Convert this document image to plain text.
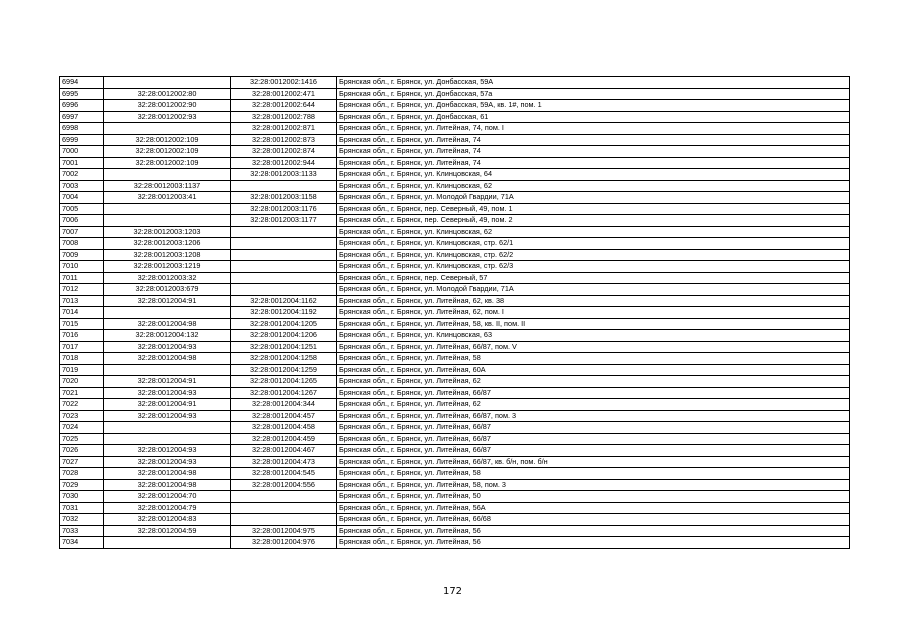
6994		32:28:0012002:1416	Брянская обл., г. Брянск, ул. Донбасская, 59А
6995	32:28:0012002:80	32:28:0012002:471	Брянская обл., г. Брянск, ул. Донбасская, 57а
6996	32:28:0012002:90	32:28:0012002:644	Брянская обл., г. Брянск, ул. Донбасская, 59А, кв. 1#, пом. 1
6997	32:28:0012002:93	32:28:0012002:788	Брянская обл., г. Брянск, ул. Донбасская, 61
6998		32:28:0012002:871	Брянская обл., г. Брянск, ул. Литейная, 74, пом. I
6999	32:28:0012002:109	32:28:0012002:873	Брянская обл., г. Брянск, ул. Литейная, 74
7000	32:28:0012002:109	32:28:0012002:874	Брянская обл., г. Брянск, ул. Литейная, 74
7001	32:28:0012002:109	32:28:0012002:944	Брянская обл., г. Брянск, ул. Литейная, 74
7002		32:28:0012003:1133	Брянская обл., г. Брянск, ул. Клинцовская, 64
7003	32:28:0012003:1137		Брянская обл., г. Брянск, ул. Клинцовская, 62
7004	32:28:0012003:41	32:28:0012003:1158	Брянская обл., г. Брянск, ул. Молодой Гвардии, 71А
7005		32:28:0012003:1176	Брянская обл., г. Брянск, пер. Северный, 49, пом. 1
7006		32:28:0012003:1177	Брянская обл., г. Брянск, пер. Северный, 49, пом. 2
7007	32:28:0012003:1203		Брянская обл., г. Брянск, ул. Клинцовская, 62
7008	32:28:0012003:1206		Брянская обл., г. Брянск, ул. Клинцовская, стр. 62/1
7009	32:28:0012003:1208		Брянская обл., г. Брянск, ул. Клинцовская, стр. 62/2
7010	32:28:0012003:1219		Брянская обл., г. Брянск, ул. Клинцовская, стр. 62/3
7011	32:28:0012003:32		Брянская обл., г. Брянск, пер. Северный, 57
7012	32:28:0012003:679		Брянская обл., г. Брянск, ул. Молодой Гвардии, 71А
7013	32:28:0012004:91	32:28:0012004:1162	Брянская обл., г. Брянск, ул. Литейная, 62, кв. 38
7014		32:28:0012004:1192	Брянская обл., г. Брянск, ул. Литейная, 62, пом. I
7015	32:28:0012004:98	32:28:0012004:1205	Брянская обл., г. Брянск, ул. Литейная, 58, кв. II, пом. II
7016	32:28:0012004:132	32:28:0012004:1206	Брянская обл., г. Брянск, ул. Клинцовская, 63
7017	32:28:0012004:93	32:28:0012004:1251	Брянская обл., г. Брянск, ул. Литейная, 66/87, пом. V
7018	32:28:0012004:98	32:28:0012004:1258	Брянская обл., г. Брянск, ул. Литейная, 58
7019		32:28:0012004:1259	Брянская обл., г. Брянск, ул. Литейная, 60А
7020	32:28:0012004:91	32:28:0012004:1265	Брянская обл., г. Брянск, ул. Литейная, 62
7021	32:28:0012004:93	32:28:0012004:1267	Брянская обл., г. Брянск, ул. Литейная, 66/87
7022	32:28:0012004:91	32:28:0012004:344	Брянская обл., г. Брянск, ул. Литейная, 62
7023	32:28:0012004:93	32:28:0012004:457	Брянская обл., г. Брянск, ул. Литейная, 66/87, пом. 3
7024		32:28:0012004:458	Брянская обл., г. Брянск, ул. Литейная, 66/87
7025		32:28:0012004:459	Брянская обл., г. Брянск, ул. Литейная, 66/87
7026	32:28:0012004:93	32:28:0012004:467	Брянская обл., г. Брянск, ул. Литейная, 66/87
7027	32:28:0012004:93	32:28:0012004:473	Брянская обл., г. Брянск, ул. Литейная, 66/87, кв. б/н, пом. б/н
7028	32:28:0012004:98	32:28:0012004:545	Брянская обл., г. Брянск, ул. Литейная, 58
7029	32:28:0012004:98	32:28:0012004:556	Брянская обл., г. Брянск, ул. Литейная, 58, пом. 3
7030	32:28:0012004:70		Брянская обл., г. Брянск, ул. Литейная, 50
7031	32:28:0012004:79		Брянская обл., г. Брянск, ул. Литейная, 56А
7032	32:28:0012004:83		Брянская обл., г. Брянск, ул. Литейная, 66/68
7033	32:28:0012004:59	32:28:0012004:975	Брянская обл., г. Брянск, ул. Литейная, 56
7034		32:28:0012004:976	Брянская обл., г. Брянск, ул. Литейная, 56
172
